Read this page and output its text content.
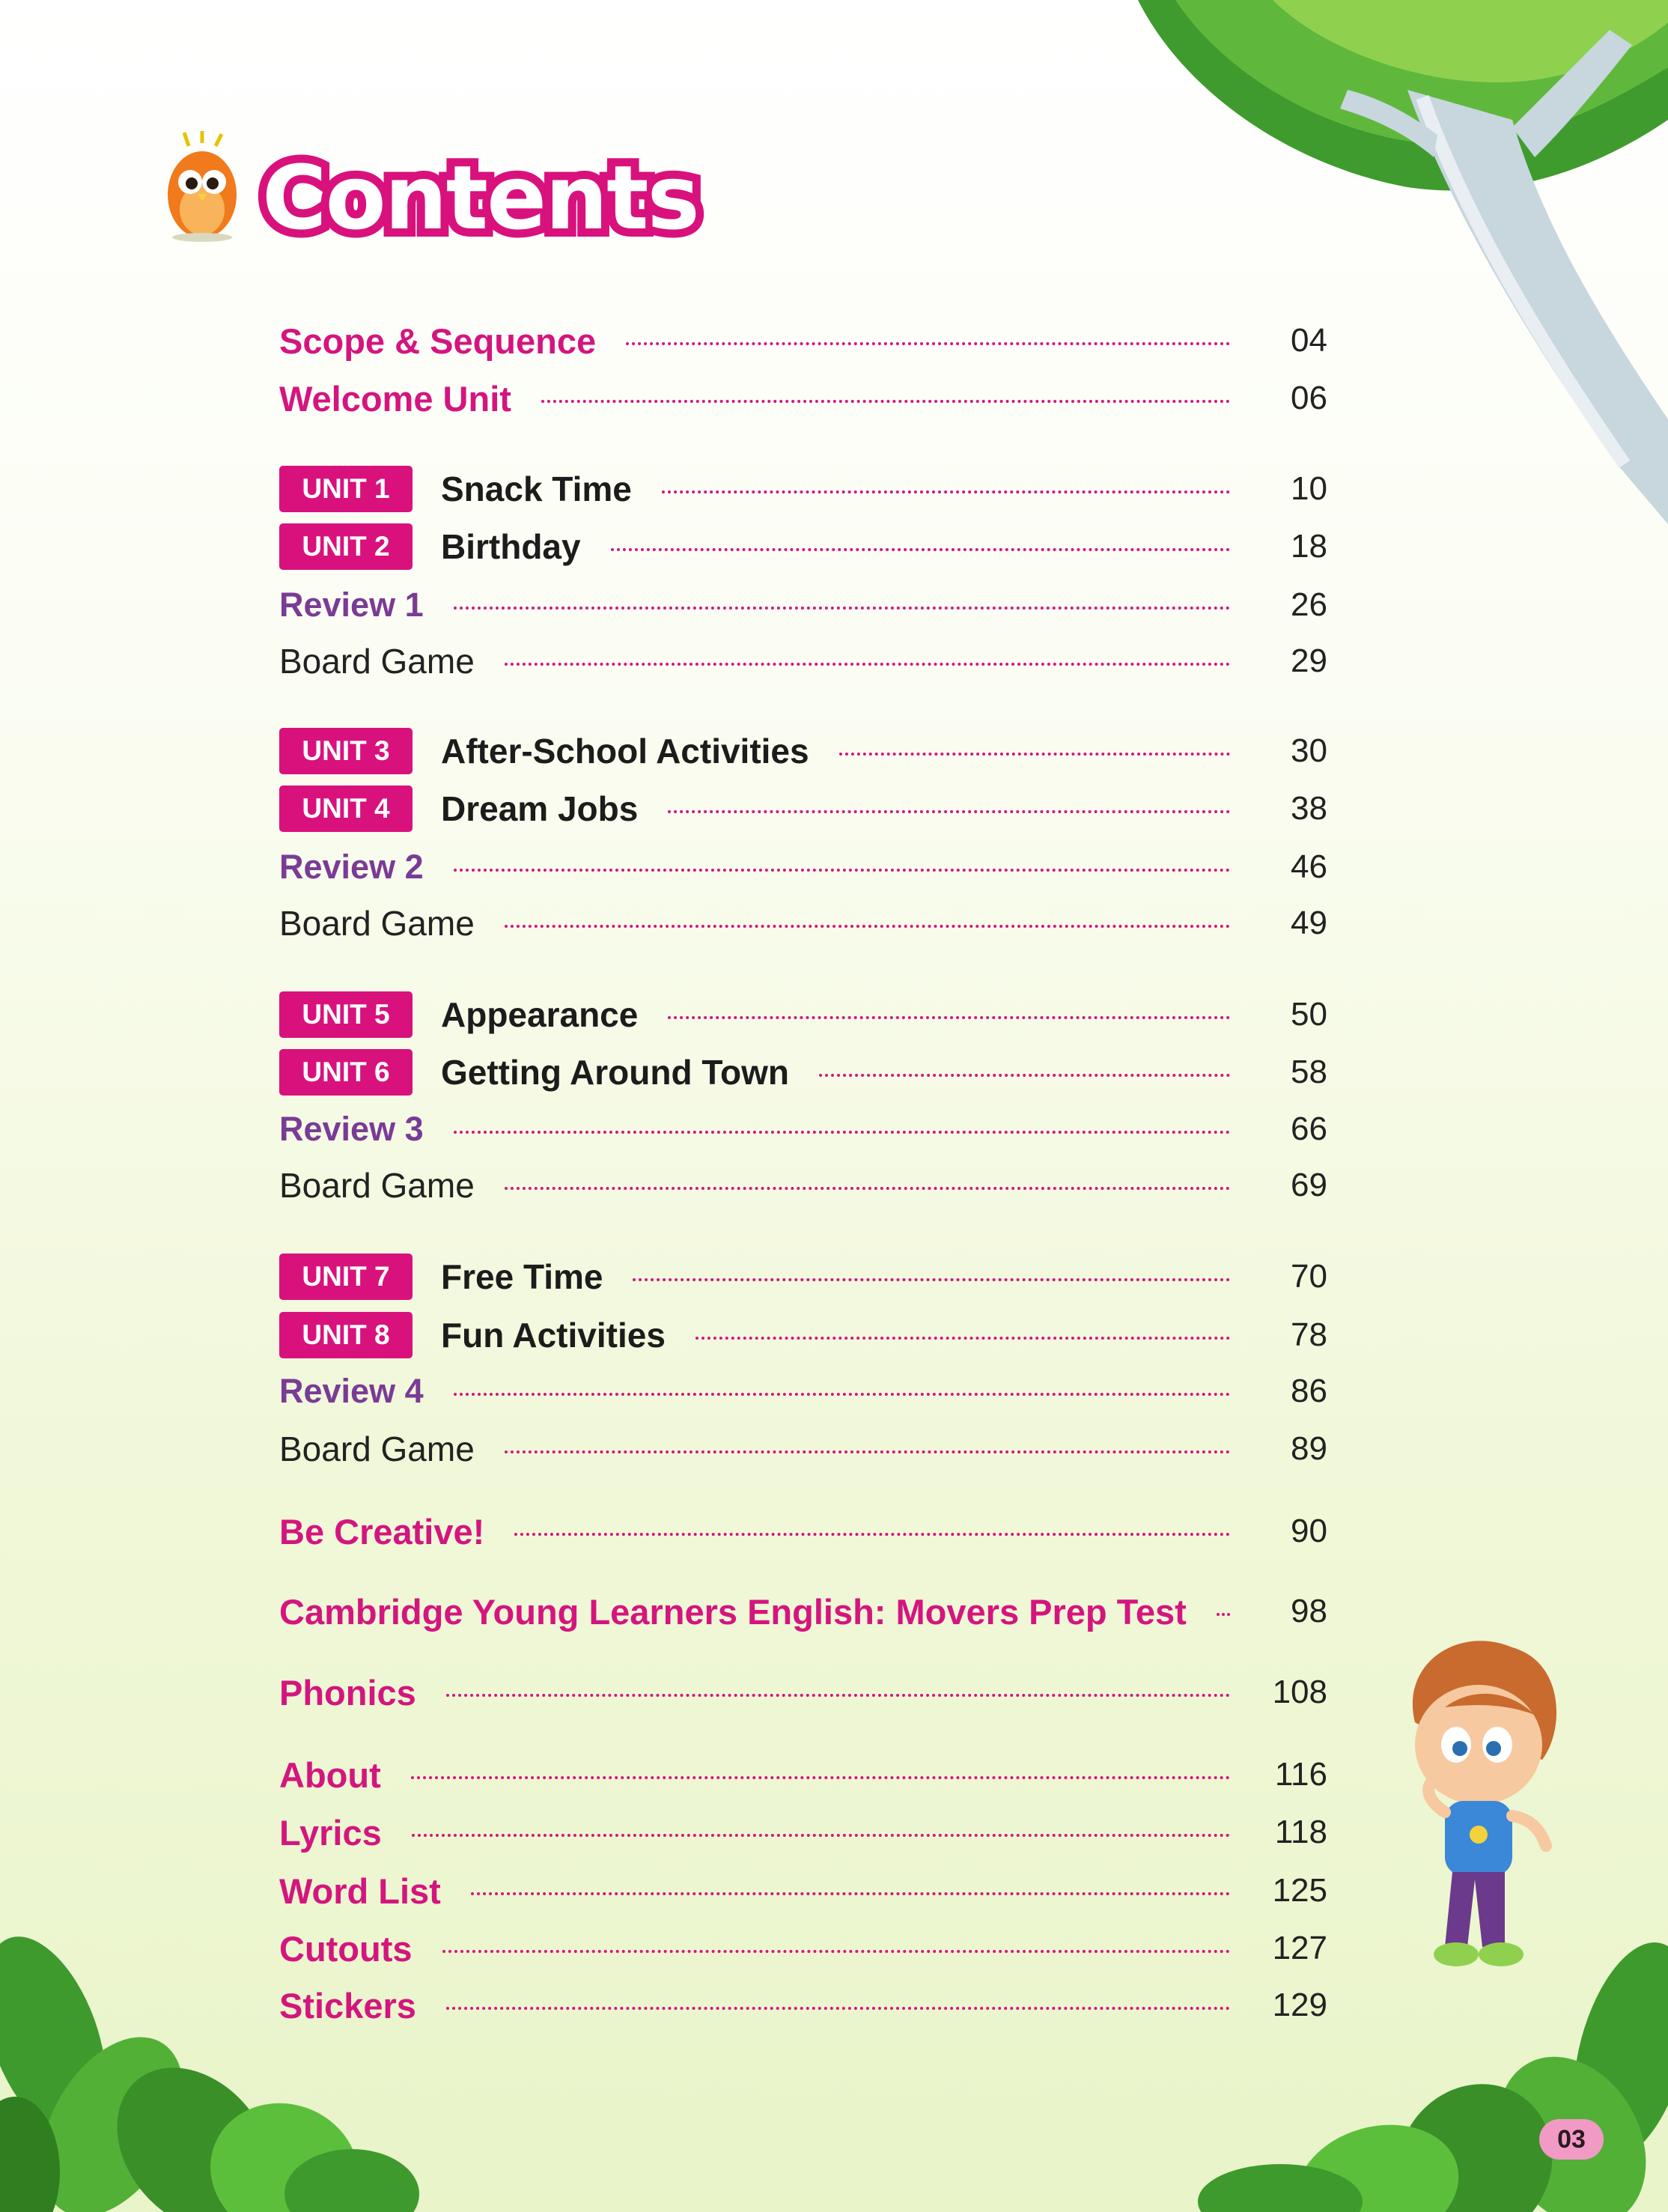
Contents
Scope & Sequence	04
Welcome Unit	06
UNIT 1	Snack Time	10
UNIT 2	Birthday	18
Review 1	26
Board Game	29
UNIT 3	After-School Activities	30
UNIT 4	Dream Jobs	38
Review 2	46
Board Game	49
UNIT 5	Appearance	50
UNIT 6	Getting Around Town	58
Review 3	66
Board Game	69
UNIT 7	Free Time	70
UNIT 8	Fun Activities	78
Review 4	86
Board Game	89
Be Creative!	90
Cambridge Young Learners English: Movers Prep Test	98
Phonics	108
About	116
Lyrics	118
Word List	125
Cutouts	127
Stickers	129
03
